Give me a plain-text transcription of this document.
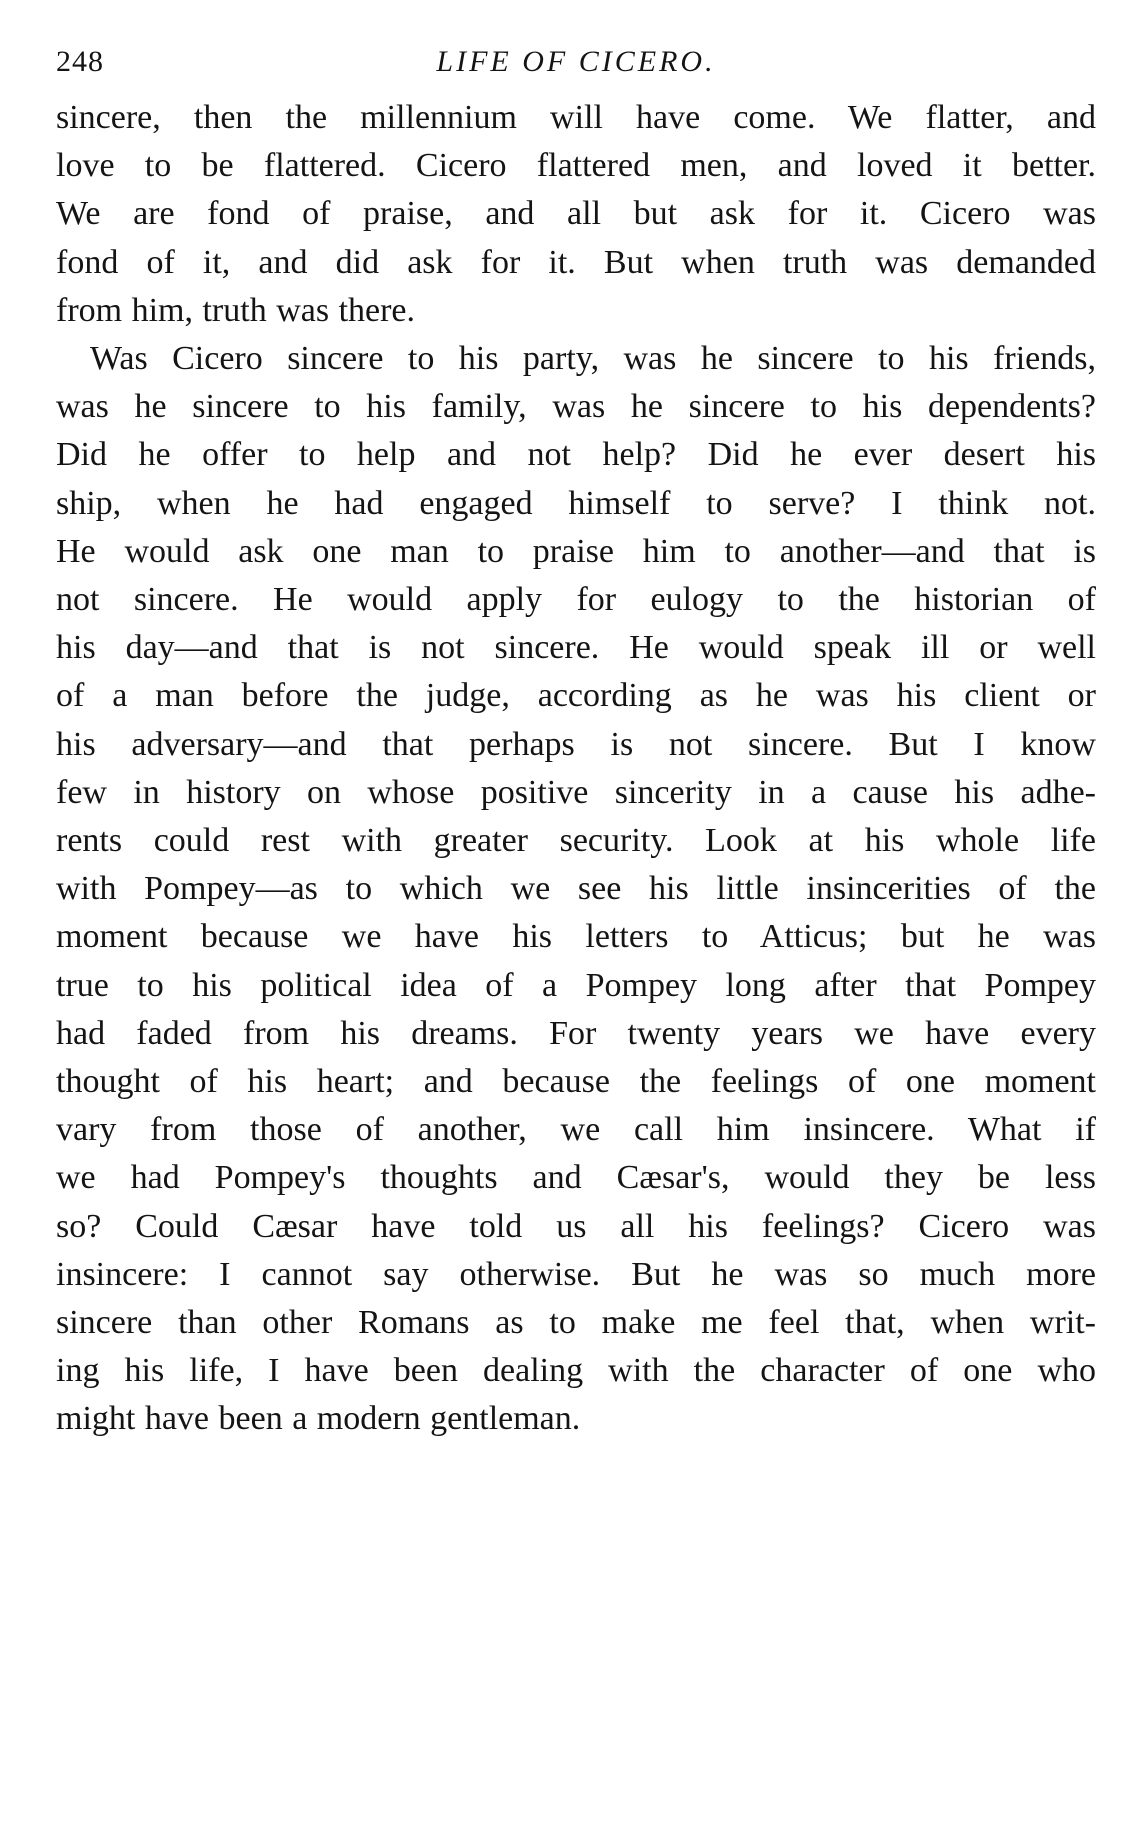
248	LIFE OF CICERO.

sincere, then the millennium will have come. We flatter, and
love to be flattered. Cicero flattered men, and loved it better.
We are fond of praise, and all but ask for it. Cicero was
fond of it, and did ask for it. But when truth was demanded
from him, truth was there.

Was Cicero sincere to his party, was he sincere to his friends,
was he sincere to his family, was he sincere to his dependents?
Did he offer to help and not help? Did he ever desert his
ship, when he had engaged himself to serve? I think not.
He would ask one man to praise him to another—and that is
not sincere. He would apply for eulogy to the historian of
his day—and that is not sincere. He would speak ill or well
of a man before the judge, according as he was his client or
his adversary—and that perhaps is not sincere. But I know
few in history on whose positive sincerity in a cause his adhe-
rents could rest with greater security. Look at his whole life
with Pompey—as to which we see his little insincerities of the
moment because we have his letters to Atticus; but he was
true to his political idea of a Pompey long after that Pompey
had faded from his dreams. For twenty years we have every
thought of his heart; and because the feelings of one moment
vary from those of another, we call him insincere. What if
we had Pompey's thoughts and Cæsar's, would they be less
so? Could Cæsar have told us all his feelings? Cicero was
insincere: I cannot say otherwise. But he was so much more
sincere than other Romans as to make me feel that, when writ-
ing his life, I have been dealing with the character of one who
might have been a modern gentleman.
